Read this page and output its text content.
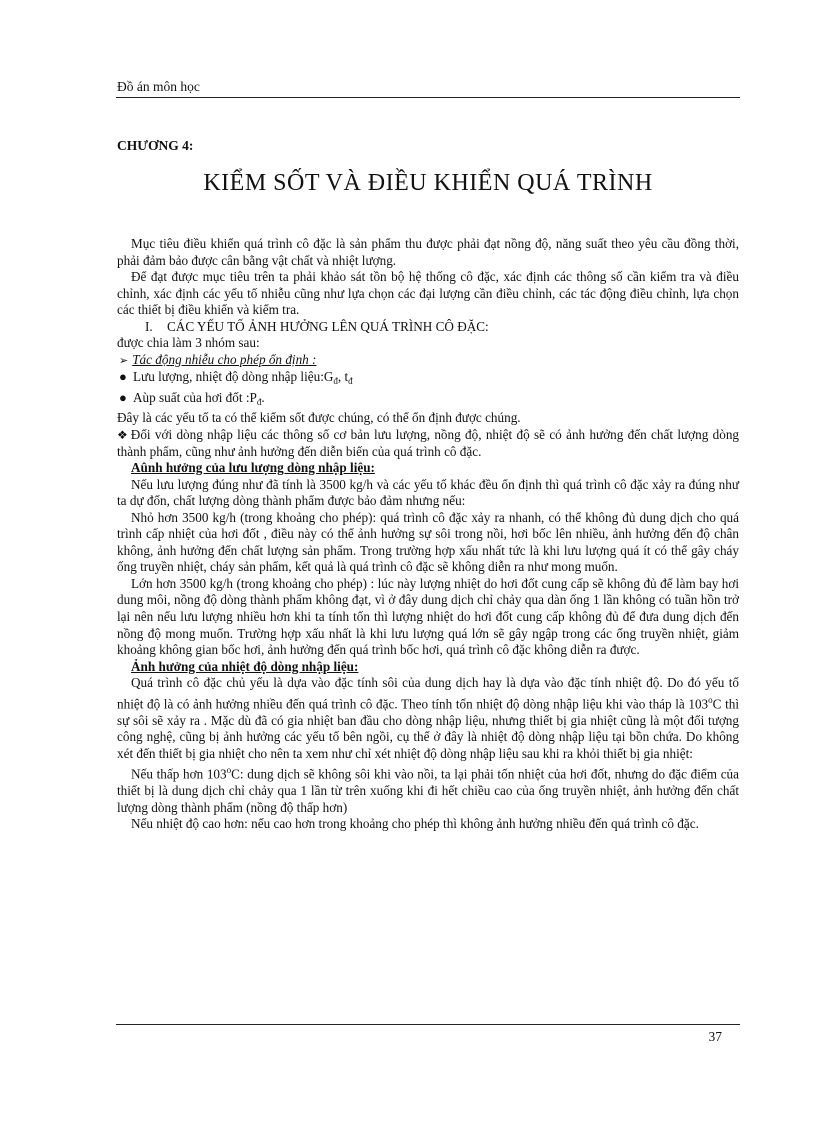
Đồ án môn học
CHƯƠNG 4:
KIỂM SỐT VÀ ĐIỀU KHIỂN QUÁ TRÌNH

Mục tiêu điều khiển quá trình cô đặc là sản phẩm thu được phải đạt nồng độ, năng suất theo yêu cầu đồng thời, phải đảm bảo được cân bằng vật chất và nhiệt lượng.

Để đạt được mục tiêu trên ta phải khảo sát tồn bộ hệ thống cô đặc, xác định các thông số cần kiểm tra và điều chỉnh, xác định các yếu tố nhiễu cũng như lựa chọn các đại lượng cần điều chỉnh, các tác động điều chỉnh, lựa chọn các thiết bị điều khiển và kiểm tra.

I. CÁC YẾU TỐ ẢNH HƯỞNG LÊN QUÁ TRÌNH CÔ ĐẶC:

được chia làm 3 nhóm sau:

➢ Tác động nhiễu cho phép ổn định :

● Lưu lượng, nhiệt độ dòng nhập $liệu:G_đ$, $t_đ$

● Aùp suất của hơi đốt $:P_đ$.

Đây là các yếu tố ta có thể kiểm sốt được chúng, có thể ổn định được chúng.

❖ Đối với dòng nhập liệu các thông số cơ bản lưu lượng, nồng độ, nhiệt độ sẽ có ảnh hưởng đến chất lượng dòng thành phẩm, cũng như ảnh hưởng đến diễn biến của quá trình cô đặc.

Aûnh hưởng của lưu lượng dòng nhập liệu:

Nếu lưu lượng đúng như đã tính là 3500 kg/h và các yếu tố khác đều ổn định thì quá trình cô đặc xảy ra đúng như ta dự đốn, chất lượng dòng thành phẩm được bảo đảm nhưng nếu:

Nhỏ hơn 3500 kg/h (trong khoảng cho phép): quá trình cô đặc xảy ra nhanh, có thể không đủ dung dịch cho quá trình cấp nhiệt của hơi đốt , điều này có thể ảnh hưởng sự sôi trong nồi, hơi bốc lên nhiều, ảnh hưởng đến độ chân không, ảnh hưởng đến chất lượng sản phẩm. Trong trường hợp xấu nhất tức là khi lưu lượng quá ít có thể gây cháy ống truyền nhiệt, cháy sản phẩm, kết quả là quá trình cô đặc sẽ không diễn ra như mong muốn.

Lớn hơn 3500 kg/h (trong khoảng cho phép) : lúc này lượng nhiệt do hơi đốt cung cấp sẽ không đủ để làm bay hơi dung môi, nồng độ dòng thành phẩm không đạt, vì ở đây dung dịch chỉ chảy qua dàn ống 1 lần không có tuần hồn trở lại nên nếu lưu lượng nhiều hơn khi ta tính tốn thì lượng nhiệt do hơi đốt cung cấp không đủ để đưa dung dịch đến nồng độ mong muốn. Trường hợp xấu nhất là khi lưu lượng quá lớn sẽ gây ngập trong các ống truyền nhiệt, giảm khoảng không gian bốc hơi, ảnh hưởng đến quá trình bốc hơi, quá trình cô đặc không diễn ra được.

Ảnh hưởng của nhiệt độ dòng nhập liệu:

Quá trình cô đặc chủ yếu là dựa vào đặc tính sôi của dung dịch hay là dựa vào đặc tính nhiệt độ. Do đó yếu tố nhiệt độ là có ảnh hưởng nhiều đến quá trình cô đặc. Theo tính tốn nhiệt độ dòng nhập liệu khi vào tháp là 103$^o$C thì sự sôi sẽ xảy ra . Mặc dù đã có gia nhiệt ban đầu cho dòng nhập liệu, nhưng thiết bị gia nhiệt cũng là một đối tượng công nghệ, cũng bị ảnh hưởng các yếu tố bên ngồi, cụ thể ở đây là nhiệt độ dòng nhập liệu tại bồn chứa. Do không xét đến thiết bị gia nhiệt cho nên ta xem như chỉ xét nhiệt độ dòng nhập liệu sau khi ra khỏi thiết bị gia nhiệt:

Nếu thấp hơn 103$^o$C: dung dịch sẽ không sôi khi vào nồi, ta lại phải tốn nhiệt của hơi đốt, nhưng do đặc điểm của thiết bị là dung dịch chỉ chảy qua 1 lần từ trên xuống khi đi hết chiều cao của ống truyền nhiệt, ảnh hưởng đến chất lượng dòng thành phẩm (nồng độ thấp hơn)

Nếu nhiệt độ cao hơn: nếu cao hơn trong khoảng cho phép thì không ảnh hưởng nhiều đến quá trình cô đặc.

37
